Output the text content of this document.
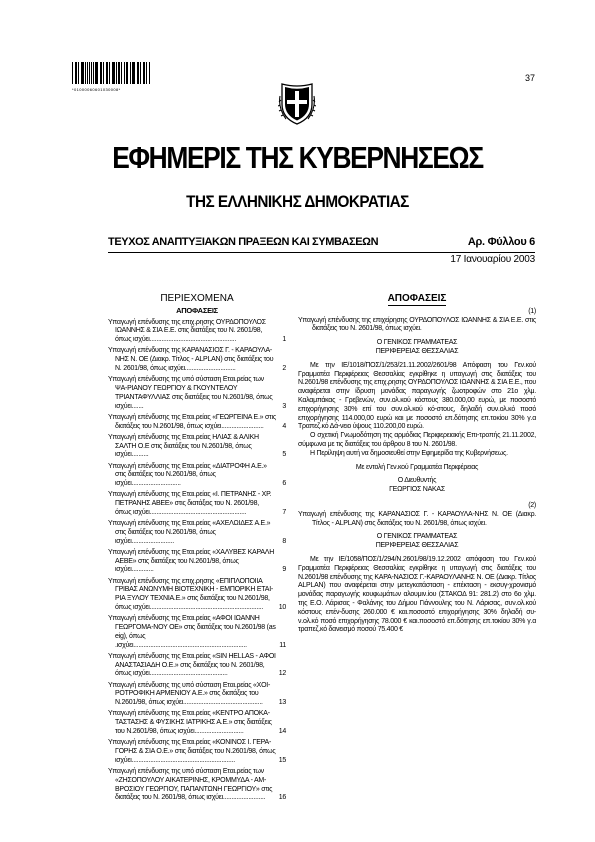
*01000060601030008*
37
ΕΦΗΜΕΡΙΣ ΤΗΣ ΚΥΒΕΡΝΗΣΕΩΣ
ΤΗΣ ΕΛΛΗΝΙΚΗΣ ΔΗΜΟΚΡΑΤΙΑΣ
ΤΕΥΧΟΣ ΑΝΑΠΤΥΞΙΑΚΩΝ ΠΡΑΞΕΩΝ ΚΑΙ ΣΥΜΒΑΣΕΩΝ	Αρ. Φύλλου 6
17 Ιανουαρίου 2003
ΠΕΡΙΕΧΟΜΕΝΑ
ΑΠΟΦΑΣΕΙΣ
Υπαγωγή επένδυσης της επιχ.ρησης ΟΥΡΔΟΠΟΥΛΟΣ ΙΩΑΝΝΗΣ & ΣΙΑ Ε.Ε. στις διατάξεις του Ν. 2601/98, όπως ισχύει...................................................	1
Υπαγωγή επένδυσης της ΚΑΡΑΝΑΣΙΟΣ Γ. - ΚΑΡΑΟΥΛΑ-ΝΗΣ Ν. ΟΕ (Διακρ. Τίτλος - ALPLAN) στις διατάξεις του Ν. 2601/98, όπως ισχύει..............................	2
Υπαγωγή επένδυσης της υπό σύσταση Εται.ρείας των ΨΑ-ΡΙΑΝΟΥ ΓΕΩΡΓΙΟΥ & ΓΚΟΥΝΤΕΛΟΥ ΤΡΙΑΝΤΑΦΥΛΛΙΑΣ στις διατάξεις του Ν.2601/98, όπως ισχύει.......	3
Υπαγωγή επένδυσης της Εται.ρείας «ΓΕΩΡΓΕΙΝΑ Ε.» στις διατάξεις του Ν.2601/98, όπως ισχύει.........................	4
Υπαγωγή επένδυσης της Εται.ρείας ΗΛΙΑΣ & ΑΛΙΚΗ ΣΑΛΤΗ Ο.Ε στις διατάξεις του Ν.2601/98, όπως ισχύει..........	5
Υπαγωγή επένδυσης της Εται.ρείας «ΔΙΑΤΡΟΦΗ Α.Ε.» στις διατάξεις του Ν.2601/98, όπως ισχύει.............................	6
Υπαγωγή επένδυσης της Εται.ρείας «Ι. ΠΕΤΡΑΝΗΣ - ΧΡ. ΠΕΤΡΑΝΗΣ ΑΒΕΕ» στις διατάξεις του Ν. 2601/98, όπως ισχύει.........................................................	7
Υπαγωγή επένδυσης της Εται.ρείας «ΑΧΕΛΩΙΔΕΣ Α.Ε.» στις διατάξεις του Ν.2601/98, όπως ισχύει.........................	8
Υπαγωγή επένδυσης της Εται.ρείας «ΧΑΛΥΒΕΣ ΚΑΡΑΛΗ ΑΕΒΕ» στις διατάξεις του Ν.2601/98, όπως ισχύει.............	9
Υπαγωγή επένδυσης της επιχ.ρησης «ΕΠΙΠΛΟΠΟΙΙΑ ΓΡΙΒΑΣ ΑΝΩΝΥΜΗ ΒΙΟΤΕΧΝΙΚΗ - ΕΜΠΟΡΙΚΗ ΕΤΑΙ-ΡΙΑ ΞΥΛΟΥ ΤΕΧΝΙΑ.Ε.» στις διατάξεις του Ν.2601/98, όπως ισχύει...................................................................	10
Υπαγωγή επένδυσης της Εται.ρείας «ΑΦΟΙ ΙΩΑΝΝΗ ΓΕΩΡΓΟΜΑ-ΝΟΥ ΟΕ» στις διατάξεις του Ν.2601/98 (as eig), όπως .ισχύει...................................................................	11
Υπαγωγή επένδυσης της Εται.ρείας «SIN HELLAS - ΑΦΟΙ ΑΝΑΣΤΑΣΙΑΔΗ Ο.Ε.» στις διατάξεις του Ν. 2601/98, όπως ισχύει..............................................	12
Υπαγωγή επένδυσης της υπό σύσταση Εται.ρείας «ΧΟΙ-ΡΟΤΡΟΦΙΚΗ ΑΡΜΕΝΙΟΥ Α.Ε.» στις διατάξεις του Ν.2601/98, όπως ισχύει...............................................	13
Υπαγωγή επένδυσης της Εται.ρείας «ΚΕΝΤΡΟ ΑΠΟΚΑ-ΤΑΣΤΑΣΗΣ & ΦΥΣΙΚΗΣ ΙΑΤΡΙΚΗΣ Α.Ε.» στις διατάξεις του Ν.2601/98, όπως ισχύει.............................	14
Υπαγωγή επένδυσης της Εται.ρείας «ΚΟΝΙΝΟΣ Ι. ΓΕΡΑ-ΓΟΡΗΣ & ΣΙΑ Ο.Ε.» στις διατάξεις του Ν.2601/98, όπως ισχύει.............................................................	15
Υπαγωγή επένδυσης της υπό σύσταση Εται.ρείας των «ΖΗΣΟΠΟΥΛΟΥ ΑΙΚΑΤΕΡΙΝΗΣ, ΚΡΟΜΜΥΔΑ - ΑΜ-ΒΡΟΣΙΟΥ ΓΕΩΡΓΙΟΥ, ΠΑΠΑΝΤΩΝΗ ΓΕΩΡΓΙΟΥ» στις διατάξεις του Ν. 2601/98, όπως ισχύει.........................	16
ΑΠΟΦΑΣΕΙΣ
(1)
Υπαγωγή επένδυσης της επιχείρησης ΟΥΡΔΟΠΟΥΛΟΣ ΙΩΑΝΝΗΣ & ΣΙΑ Ε.Ε. στις διατάξεις του Ν. 2601/98, όπως ισχύει.
Ο ΓΕΝΙΚΟΣ ΓΡΑΜΜΑΤΕΑΣ
ΠΕΡΙΦΕΡΕΙΑΣ ΘΕΣΣΑΛΙΑΣ
Με την ΙΕ/1018/ΠΟΣ/1/253/21.11.2002/2601/98 Απόφαση του Γεν.κού Γραμματέα Περιφέρειας Θεσσαλίας εγκρίθηκε η υπαγωγή στις διατάξεις του Ν.2601/98 επένδυσης της επιχ.ρησης ΟΥΡΔΟΠΟΥΛΟΣ ΙΩΑΝΝΗΣ & ΣΙΑ Ε.Ε., που αναφέρεται στην ίδρυση μονάδας παραγωγής ζωοτροφών στο 21ο χλμ. Καλαμπάκας - Γρεβενών, συν.ολ.κού κόστους 380.000,00 ευρώ, με ποσοστό επιχορήγησης 30% επί του συν.ολ.κού κό-στους, δηλαδή συν.ολ.κό ποσό επιχορήγησης 114.000,00 ευρώ και με ποσοστό επ.δότησης επ.τοκίου 30% γ.α Τραπεζ.κό Δά-νειο ύψους 110.200,00 ευρώ.
Ο σχετική Γνωμοδότηση της αρμόδιας Περιφερειακής Επι-τροπής 21.11.2002, σύμφωνα με τις διατάξεις του άρθρου 8 του Ν. 2601/98.
Η Περίληψη αυτή να δημοσιευθεί στην Εφημερίδα της Κυβερνήσεως.
Με εντολή Γεν.κού Γραμματέα Περιφέρειας
Ο Διευθυντής
ΓΕΩΡΓΙΟΣ ΝΑΚΑΣ
(2)
Υπαγωγή επένδυσης της ΚΑΡΑΝΑΣΙΟΣ Γ. - ΚΑΡΑΟΥΛΑ-ΝΗΣ Ν. ΟΕ (Διακρ. Τίτλος - ALPLAN) στις διατάξεις του Ν. 2601/98, όπως ισχύει.
Ο ΓΕΝΙΚΟΣ ΓΡΑΜΜΑΤΕΑΣ
ΠΕΡΙΦΕΡΕΙΑΣ ΘΕΣΣΑΛΙΑΣ
Με την ΙΕ/1058/ΠΟΣ/1/294/Ν.2601/98/19.12.2002 απόφαση του Γεν.κού Γραμματέα Περιφέρειας Θεσσαλίας εγκρίθηκε η υπαγωγή στις διατάξεις του Ν.2601/98 επένδυσης της ΚΑΡΑ-ΝΑΣΙΟΣ Γ.-ΚΑΡΑΟΥΛΑΝΗΣ Ν. ΟΕ (Διακρ. Τίτλος ALPLAN) που αναφέρεται στην μετεγκατάσταση - επέκταση - εκσυγ-χρονισμό μονάδας παραγωγής κουφωμάτων αλουμιν.ίου (ΣΤΑΚΟΔ 91: 281.2) στο 6ο χλμ. της Ε.Ο. Λάρισας - Φαλάνης του Δήμου Γιάννουλης του Ν. Λάρισας, συν.ολ.κού κόστους επέν-δυσης 260.000 € και.ποσοστό επιχορήγησης 30% δηλαδή συ-ν.ολ.κό ποσό επιχορήγησης 78.000 € και.ποσοστό επ.δότησης επ.τοκίου 30% γ.α τραπεζ.κό δανεισμό ποσού 75.400 €
